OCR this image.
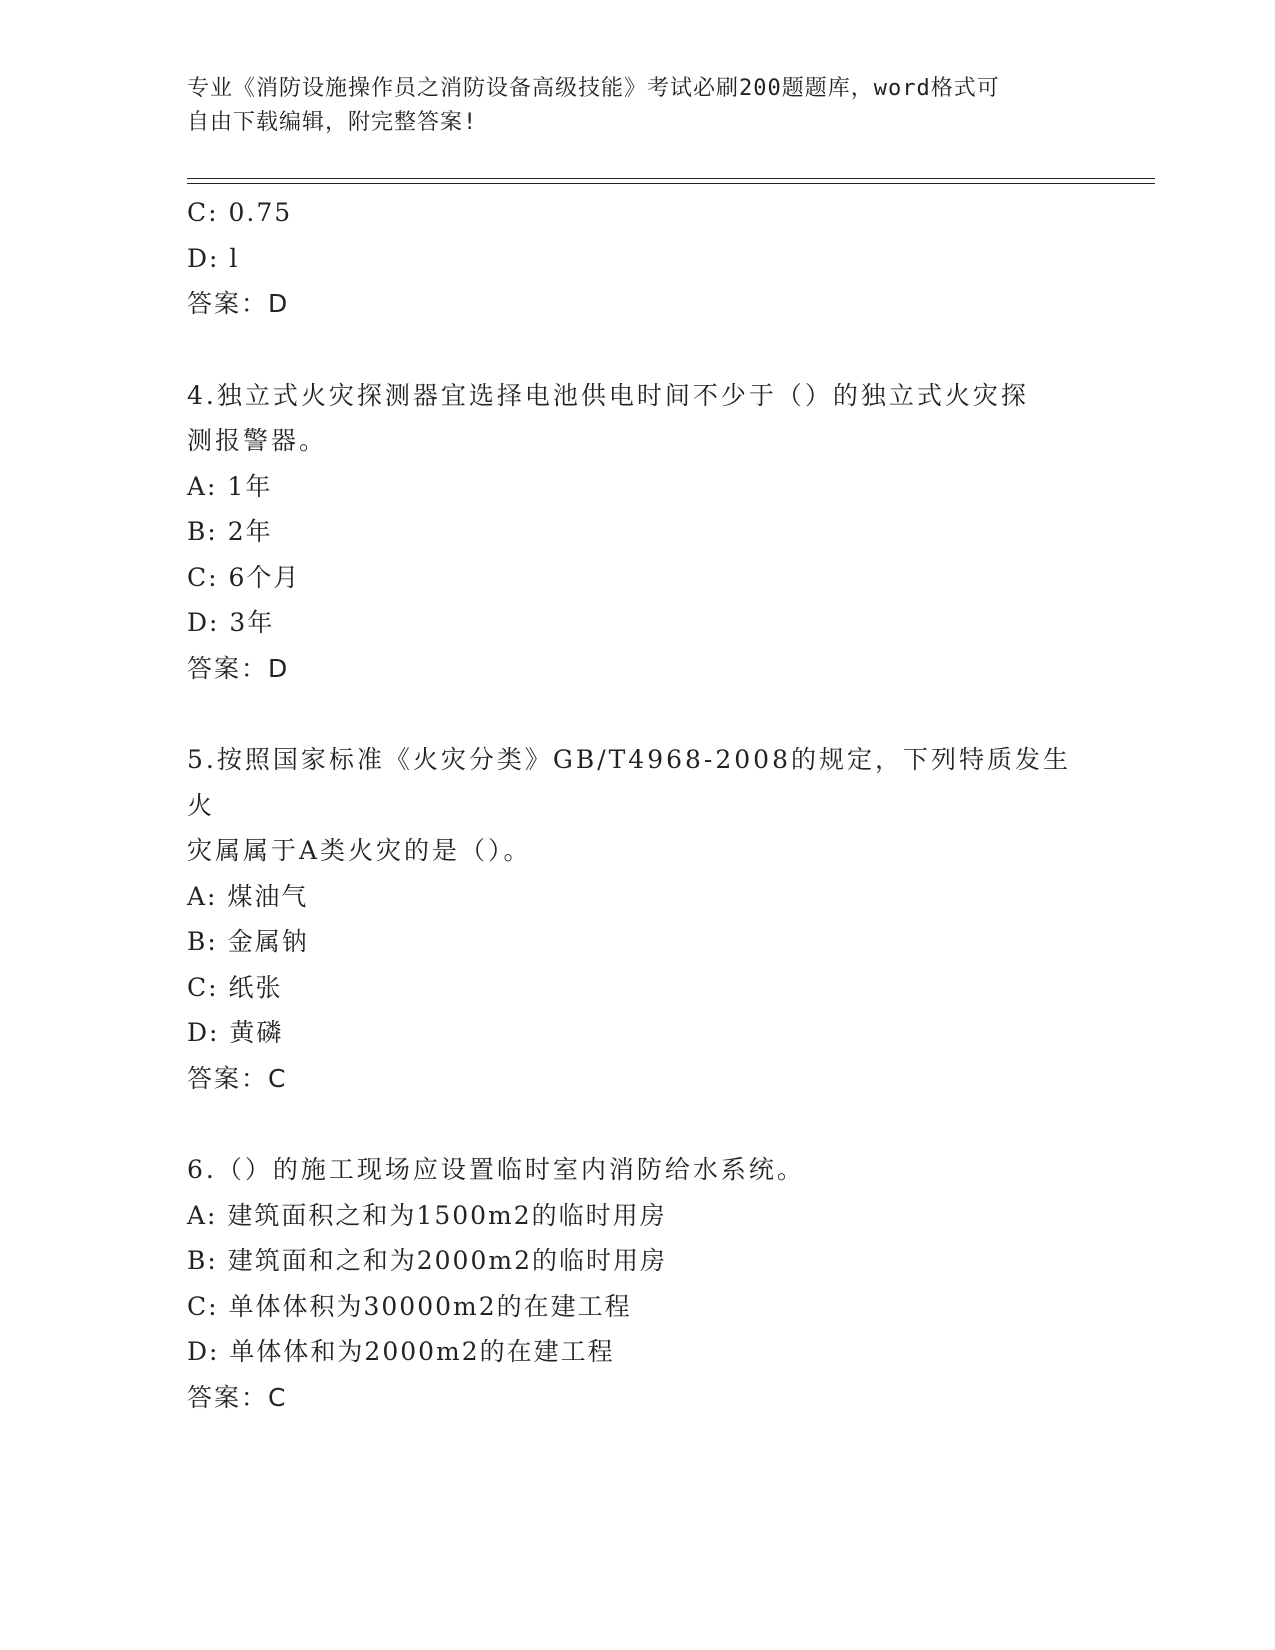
专业《消防设施操作员之消防设备高级技能》考试必刷200题题库，word格式可
自由下载编辑，附完整答案!
C: 0.75
D: l
答案：D
4.独立式火灾探测器宜选择电池供电时间不少于（）的独立式火灾探
测报警器。
A: 1年
B: 2年
C: 6个月
D: 3年
答案：D
5.按照国家标准《火灾分类》GB/T4968-2008的规定，下列特质发生火
灾属属于A类火灾的是（）。
A: 煤油气
B: 金属钠
C: 纸张
D: 黄磷
答案：C
6.（）的施工现场应设置临时室内消防给水系统。
A: 建筑面积之和为1500m2的临时用房
B: 建筑面和之和为2000m2的临时用房
C: 单体体积为30000m2的在建工程
D: 单体体和为2000m2的在建工程
答案：C
